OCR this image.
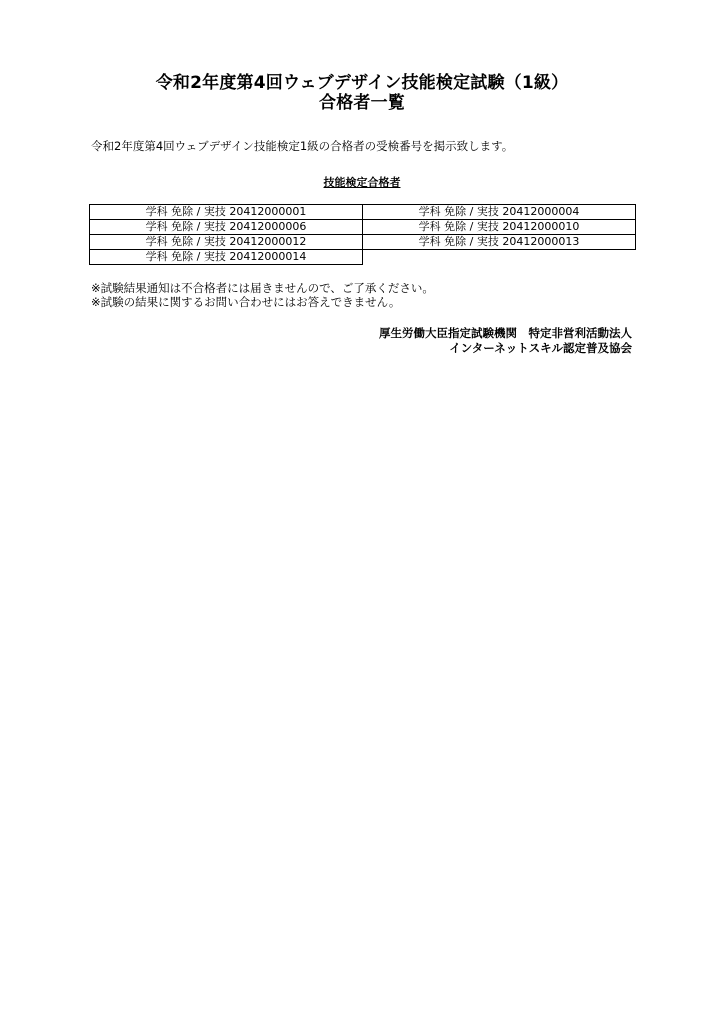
令和2年度第4回ウェブデザイン技能検定試験（1級）
合格者一覧
令和2年度第4回ウェブデザイン技能検定1級の合格者の受検番号を掲示致します。
技能検定合格者
学科 免除 / 実技 20412000001	学科 免除 / 実技 20412000004
学科 免除 / 実技 20412000006	学科 免除 / 実技 20412000010
学科 免除 / 実技 20412000012	学科 免除 / 実技 20412000013
学科 免除 / 実技 20412000014	
※試験結果通知は不合格者には届きませんので、ご了承ください。
※試験の結果に関するお問い合わせにはお答えできません。
厚生労働大臣指定試験機関　特定非営利活動法人
インターネットスキル認定普及協会
